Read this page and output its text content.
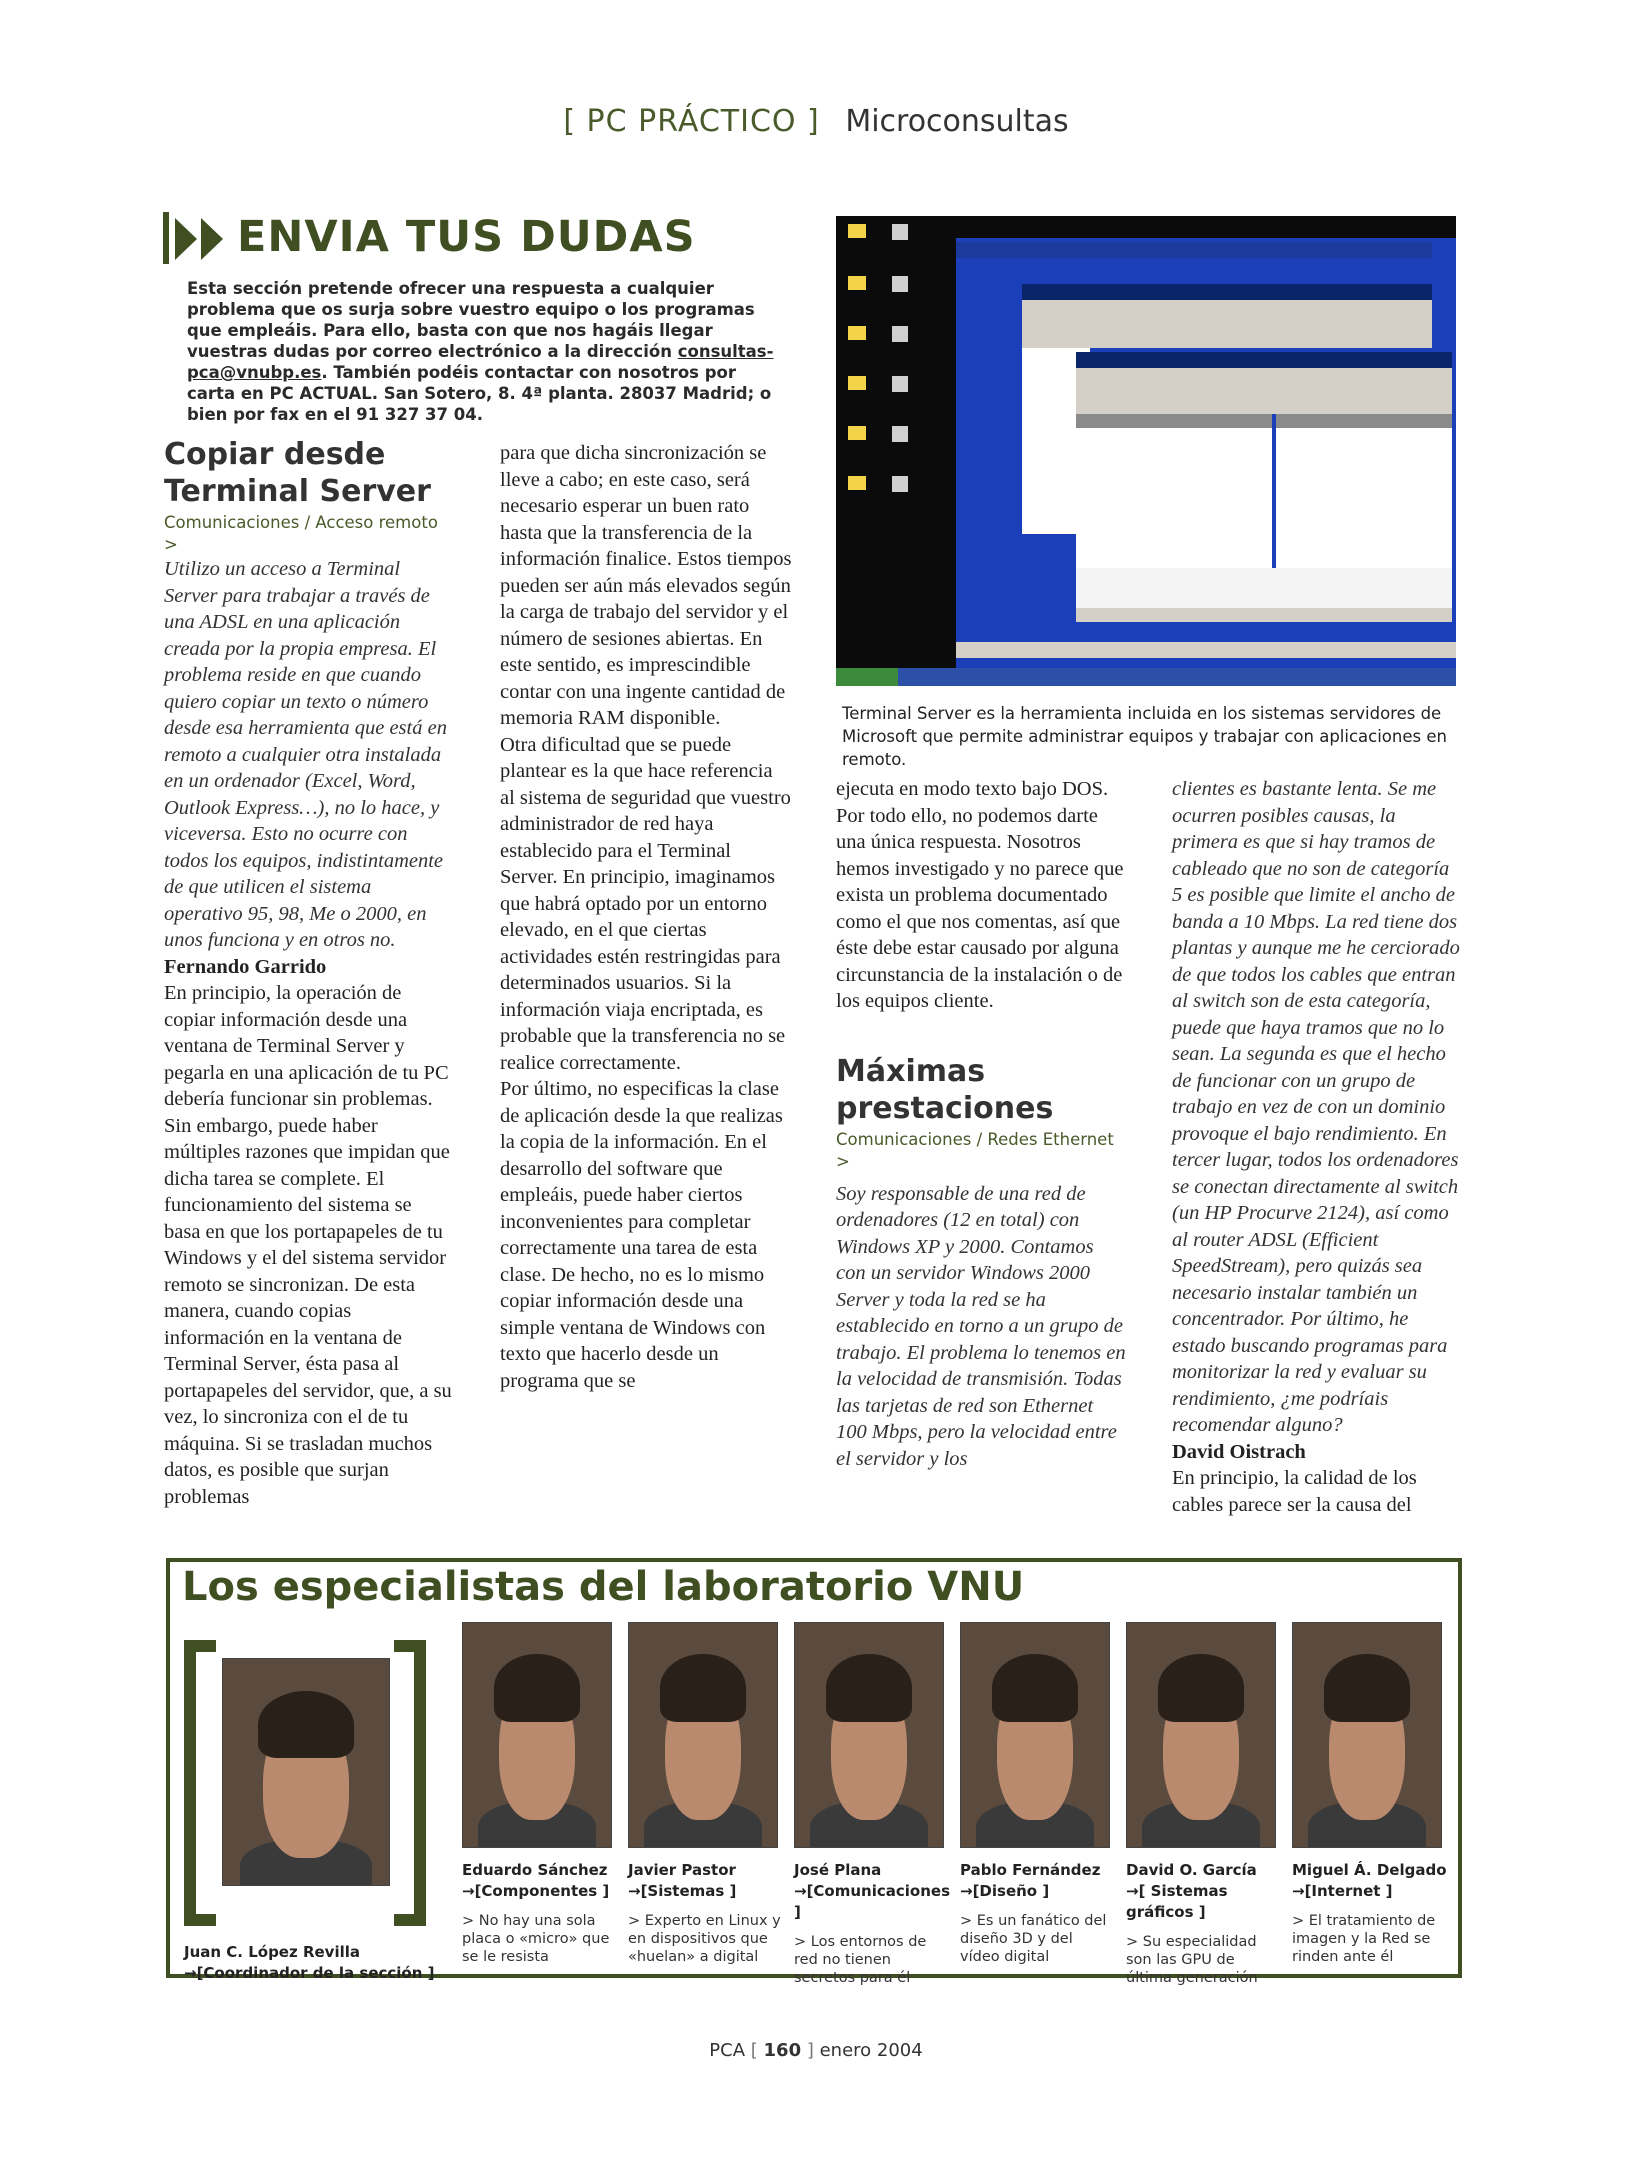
[ PC PRÁCTICO ] Microconsultas
ENVIA TUS DUDAS

Esta sección pretende ofrecer una respuesta a cualquier problema que os surja sobre vuestro equipo o los programas que empleáis. Para ello, basta con que nos hagáis llegar vuestras dudas por correo electrónico a la dirección consultas-pca@vnubp.es. También podéis contactar con nosotros por carta en PC ACTUAL. San Sotero, 8. 4ª planta. 28037 Madrid; o bien por fax en el 91 327 37 04.

Copiar desde
Terminal Server
Comunicaciones / Acceso remoto >

Utilizo un acceso a Terminal Server para trabajar a través de una ADSL en una aplicación creada por la propia empresa. El problema reside en que cuando quiero copiar un texto o número desde esa herramienta que está en remoto a cualquier otra instalada en un ordenador (Excel, Word, Outlook Express…), no lo hace, y viceversa. Esto no ocurre con todos los equipos, indistintamente de que utilicen el sistema operativo 95, 98, Me o 2000, en unos funciona y en otros no.

Fernando Garrido

En principio, la operación de copiar información desde una ventana de Terminal Server y pegarla en una aplicación de tu PC debería funcionar sin problemas. Sin embargo, puede haber múltiples razones que impidan que dicha tarea se complete. El funcionamiento del sistema se basa en que los portapapeles de tu Windows y el del sistema servidor remoto se sincronizan. De esta manera, cuando copias información en la ventana de Terminal Server, ésta pasa al portapapeles del servidor, que, a su vez, lo sincroniza con el de tu máquina. Si se trasladan muchos datos, es posible que surjan problemas

para que dicha sincronización se lleve a cabo; en este caso, será necesario esperar un buen rato hasta que la transferencia de la información finalice. Estos tiempos pueden ser aún más elevados según la carga de trabajo del servidor y el número de sesiones abiertas. En este sentido, es imprescindible contar con una ingente cantidad de memoria RAM disponible.

Otra dificultad que se puede plantear es la que hace referencia al sistema de seguridad que vuestro administrador de red haya establecido para el Terminal Server. En principio, imaginamos que habrá optado por un entorno elevado, en el que ciertas actividades estén restringidas para determinados usuarios. Si la información viaja encriptada, es probable que la transferencia no se realice correctamente.

Por último, no especificas la clase de aplicación desde la que realizas la copia de la información. En el desarrollo del software que empleáis, puede haber ciertos inconvenientes para completar correctamente una tarea de esta clase. De hecho, no es lo mismo copiar información desde una simple ventana de Windows con texto que hacerlo desde un programa que se

Terminal Server es la herramienta incluida en los sistemas servidores de Microsoft que permite administrar equipos y trabajar con aplicaciones en remoto.

ejecuta en modo texto bajo DOS.

Por todo ello, no podemos darte una única respuesta. Nosotros hemos investigado y no parece que exista un problema documentado como el que nos comentas, así que éste debe estar causado por alguna circunstancia de la instalación o de los equipos cliente.

Máximas
prestaciones
Comunicaciones / Redes Ethernet >

Soy responsable de una red de ordenadores (12 en total) con Windows XP y 2000. Contamos con un servidor Windows 2000 Server y toda la red se ha establecido en torno a un grupo de trabajo. El problema lo tenemos en la velocidad de transmisión. Todas las tarjetas de red son Ethernet 100 Mbps, pero la velocidad entre el servidor y los

clientes es bastante lenta. Se me ocurren posibles causas, la primera es que si hay tramos de cableado que no son de categoría 5 es posible que limite el ancho de banda a 10 Mbps. La red tiene dos plantas y aunque me he cerciorado de que todos los cables que entran al switch son de esta categoría, puede que haya tramos que no lo sean. La segunda es que el hecho de funcionar con un grupo de trabajo en vez de con un dominio provoque el bajo rendimiento. En tercer lugar, todos los ordenadores se conectan directamente al switch (un HP Procurve 2124), así como al router ADSL (Efficient SpeedStream), pero quizás sea necesario instalar también un concentrador. Por último, he estado buscando programas para monitorizar la red y evaluar su rendimiento, ¿me podríais recomendar alguno?

David Oistrach

En principio, la calidad de los cables parece ser la causa del

Los especialistas del laboratorio VNU
Juan C. López Revilla
→[Coordinador de la sección ]
Eduardo Sánchez
→[Componentes ]
> No hay una sola placa o «micro» que se le resista
Javier Pastor
→[Sistemas ]
> Experto en Linux y en dispositivos que «huelan» a digital
José Plana
→[Comunicaciones ]
> Los entornos de red no tienen secretos para él
Pablo Fernández
→[Diseño ]
> Es un fanático del diseño 3D y del vídeo digital
David O. García
→[ Sistemas gráficos ]
> Su especialidad son las GPU de última generación
Miguel Á. Delgado
→[Internet ]
> El tratamiento de imagen y la Red se rinden ante él
PCA [ 160 ] enero 2004
